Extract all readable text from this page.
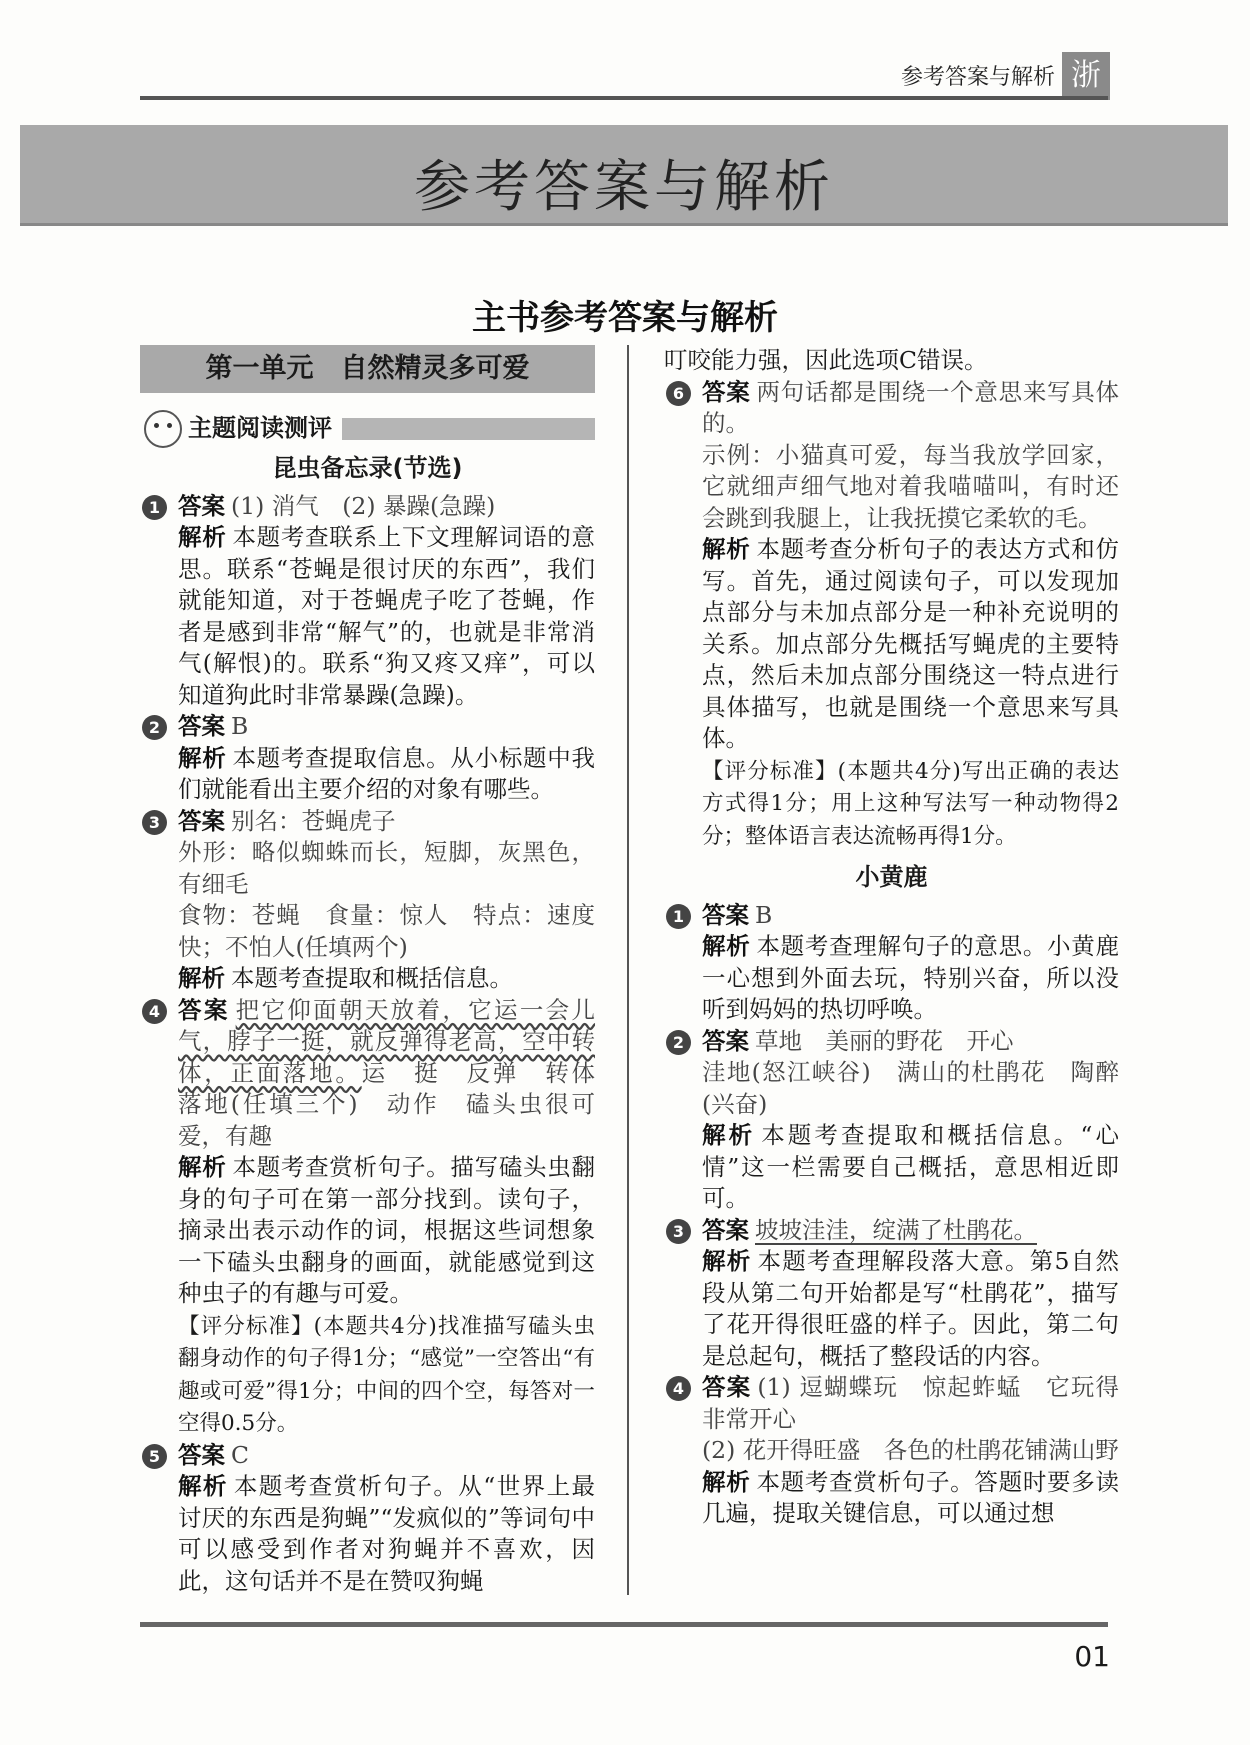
参考答案与解析 浙
参考答案与解析
主书参考答案与解析
第一单元　自然精灵多可爱
主题阅读测评
昆虫备忘录(节选)
1 答案 (1) 消气　(2) 暴躁(急躁)
解析 本题考查联系上下文理解词语的意思。联系“苍蝇是很讨厌的东西”，我们就能知道，对于苍蝇虎子吃了苍蝇，作者是感到非常“解气”的，也就是非常消气(解恨)的。联系“狗又疼又痒”，可以知道狗此时非常暴躁(急躁)。
2 答案 B
解析 本题考查提取信息。从小标题中我们就能看出主要介绍的对象有哪些。
3 答案 别名：苍蝇虎子
外形：略似蜘蛛而长，短脚，灰黑色，有细毛
食物：苍蝇　食量：惊人　特点：速度快；不怕人(任填两个)
解析 本题考查提取和概括信息。
4 答案 把它仰面朝天放着，它运一会儿气，脖子一挺，就反弹得老高，空中转体，正面落地。运　挺　反弹　转体　落地(任填三个)　动作　磕头虫很可爱，有趣
解析 本题考查赏析句子。描写磕头虫翻身的句子可在第一部分找到。读句子，摘录出表示动作的词，根据这些词想象一下磕头虫翻身的画面，就能感觉到这种虫子的有趣与可爱。
【评分标准】(本题共4分)找准描写磕头虫翻身动作的句子得1分；“感觉”一空答出“有趣或可爱”得1分；中间的四个空，每答对一空得0.5分。
5 答案 C
解析 本题考查赏析句子。从“世界上最讨厌的东西是狗蝇”“发疯似的”等词句中可以感受到作者对狗蝇并不喜欢，因此，这句话并不是在赞叹狗蝇
叮咬能力强，因此选项C错误。
6 答案 两句话都是围绕一个意思来写具体的。
示例：小猫真可爱，每当我放学回家，它就细声细气地对着我喵喵叫，有时还会跳到我腿上，让我抚摸它柔软的毛。
解析 本题考查分析句子的表达方式和仿写。首先，通过阅读句子，可以发现加点部分与未加点部分是一种补充说明的关系。加点部分先概括写蝇虎的主要特点，然后未加点部分围绕这一特点进行具体描写，也就是围绕一个意思来写具体。
【评分标准】(本题共4分)写出正确的表达方式得1分；用上这种写法写一种动物得2分；整体语言表达流畅再得1分。
小黄鹿
1 答案 B
解析 本题考查理解句子的意思。小黄鹿一心想到外面去玩，特别兴奋，所以没听到妈妈的热切呼唤。
2 答案 草地　美丽的野花　开心
洼地(怒江峡谷)　满山的杜鹃花　陶醉(兴奋)
解析 本题考查提取和概括信息。“心情”这一栏需要自己概括，意思相近即可。
3 答案 坡坡洼洼，绽满了杜鹃花。
解析 本题考查理解段落大意。第5自然段从第二句开始都是写“杜鹃花”，描写了花开得很旺盛的样子。因此，第二句是总起句，概括了整段话的内容。
4 答案 (1) 逗蝴蝶玩　惊起蚱蜢　它玩得非常开心
(2) 花开得旺盛　各色的杜鹃花铺满山野
解析 本题考查赏析句子。答题时要多读几遍，提取关键信息，可以通过想
01
